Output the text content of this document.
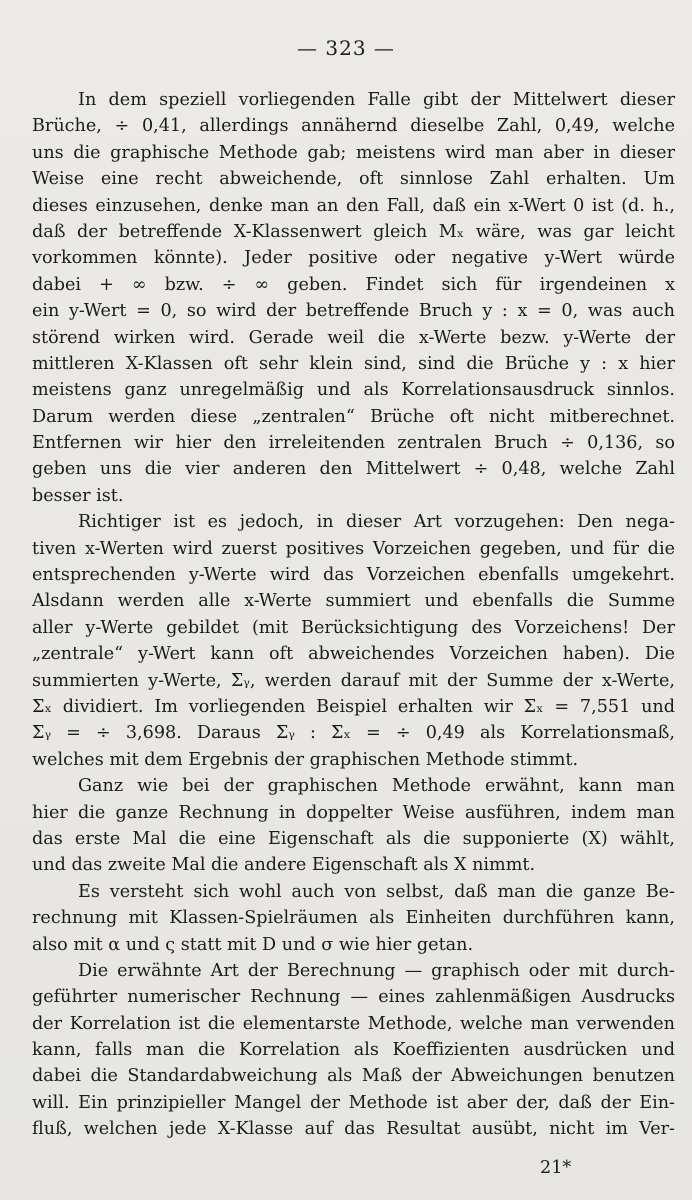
— 323 —
In dem speziell vorliegenden Falle gibt der Mittelwert dieser
Brüche, ÷ 0,41, allerdings annähernd dieselbe Zahl, 0,49, welche
uns die graphische Methode gab; meistens wird man aber in dieser
Weise eine recht abweichende, oft sinnlose Zahl erhalten. Um
dieses einzusehen, denke man an den Fall, daß ein x-Wert 0 ist (d. h.,
daß der betreffende X-Klassenwert gleich Mₓ wäre, was gar leicht
vorkommen könnte). Jeder positive oder negative y-Wert würde
dabei + ∞ bzw. ÷ ∞ geben. Findet sich für irgendeinen x
ein y-Wert = 0, so wird der betreffende Bruch y : x = 0, was auch
störend wirken wird. Gerade weil die x-Werte bezw. y-Werte der
mittleren X-Klassen oft sehr klein sind, sind die Brüche y : x hier
meistens ganz unregelmäßig und als Korrelationsausdruck sinnlos.
Darum werden diese „zentralen“ Brüche oft nicht mitberechnet.
Entfernen wir hier den irreleitenden zentralen Bruch ÷ 0,136, so
geben uns die vier anderen den Mittelwert ÷ 0,48, welche Zahl
besser ist.
Richtiger ist es jedoch, in dieser Art vorzugehen: Den nega-
tiven x-Werten wird zuerst positives Vorzeichen gegeben, und für die
entsprechenden y-Werte wird das Vorzeichen ebenfalls umgekehrt.
Alsdann werden alle x-Werte summiert und ebenfalls die Summe
aller y-Werte gebildet (mit Berücksichtigung des Vorzeichens! Der
„zentrale“ y-Wert kann oft abweichendes Vorzeichen haben). Die
summierten y-Werte, Σᵧ, werden darauf mit der Summe der x-Werte,
Σₓ dividiert. Im vorliegenden Beispiel erhalten wir Σₓ = 7,551 und
Σᵧ = ÷ 3,698. Daraus Σᵧ : Σₓ = ÷ 0,49 als Korrelationsmaß,
welches mit dem Ergebnis der graphischen Methode stimmt.
Ganz wie bei der graphischen Methode erwähnt, kann man
hier die ganze Rechnung in doppelter Weise ausführen, indem man
das erste Mal die eine Eigenschaft als die supponierte (X) wählt,
und das zweite Mal die andere Eigenschaft als X nimmt.
Es versteht sich wohl auch von selbst, daß man die ganze Be-
rechnung mit Klassen-Spielräumen als Einheiten durchführen kann,
also mit α und ς statt mit D und σ wie hier getan.
Die erwähnte Art der Berechnung — graphisch oder mit durch-
geführter numerischer Rechnung — eines zahlenmäßigen Ausdrucks
der Korrelation ist die elementarste Methode, welche man verwenden
kann, falls man die Korrelation als Koeffizienten ausdrücken und
dabei die Standardabweichung als Maß der Abweichungen benutzen
will. Ein prinzipieller Mangel der Methode ist aber der, daß der Ein-
fluß, welchen jede X-Klasse auf das Resultat ausübt, nicht im Ver-
21*
